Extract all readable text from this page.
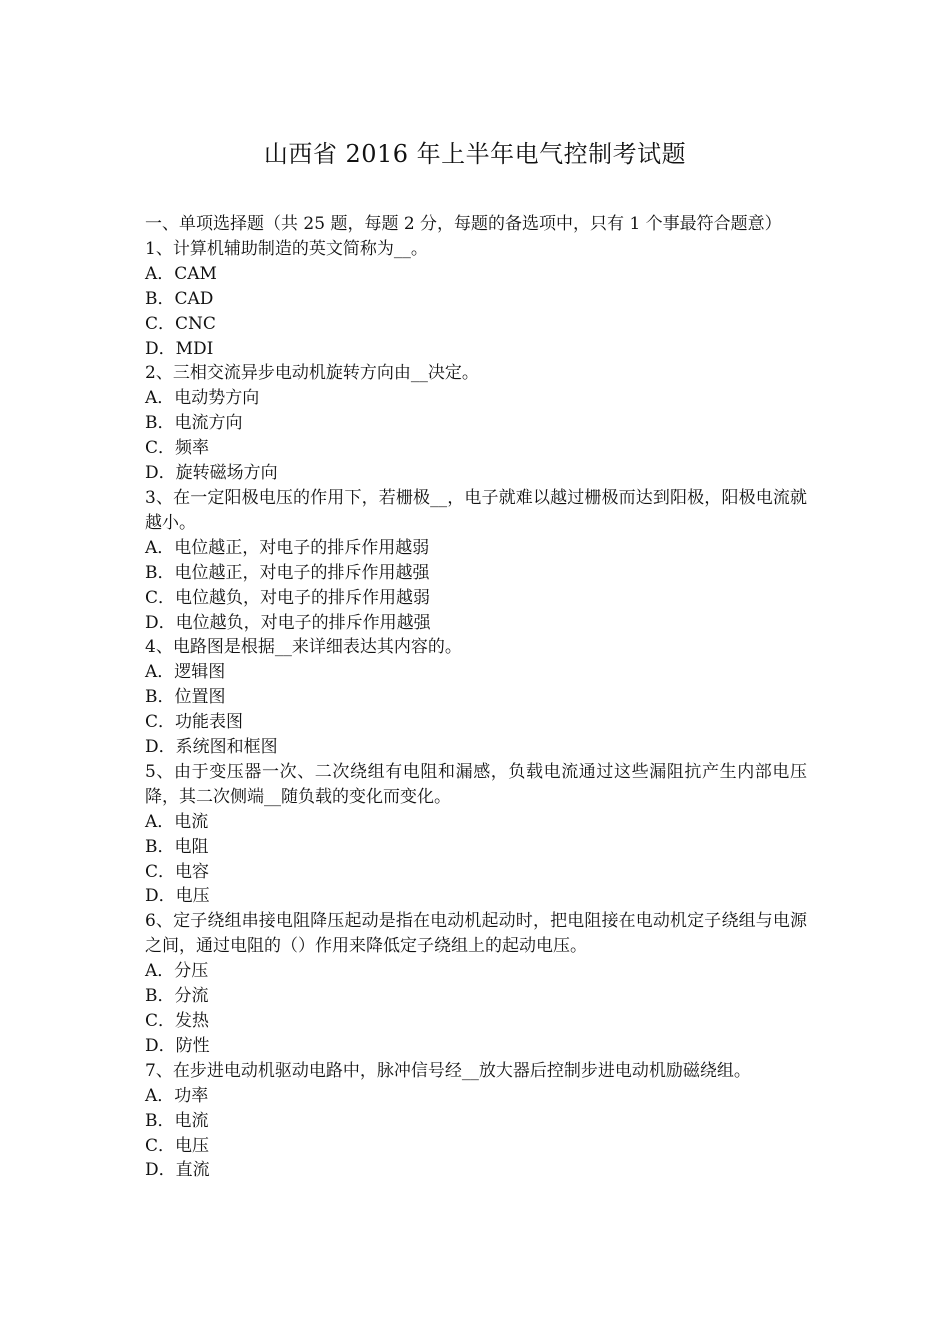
山西省 2016 年上半年电气控制考试题
一、单项选择题（共 25 题，每题 2 分，每题的备选项中，只有 1 个事最符合题意）
1、计算机辅助制造的英文简称为__。
A．CAM
B．CAD
C．CNC
D．MDI
2、三相交流异步电动机旋转方向由__决定。
A．电动势方向
B．电流方向
C．频率
D．旋转磁场方向
3、在一定阳极电压的作用下，若栅极__，电子就难以越过栅极而达到阳极，阳极电流就越小。
A．电位越正，对电子的排斥作用越弱
B．电位越正，对电子的排斥作用越强
C．电位越负，对电子的排斥作用越弱
D．电位越负，对电子的排斥作用越强
4、电路图是根据__来详细表达其内容的。
A．逻辑图
B．位置图
C．功能表图
D．系统图和框图
5、由于变压器一次、二次绕组有电阻和漏感，负载电流通过这些漏阻抗产生内部电压降，其二次侧端__随负载的变化而变化。
A．电流
B．电阻
C．电容
D．电压
6、定子绕组串接电阻降压起动是指在电动机起动时，把电阻接在电动机定子绕组与电源之间，通过电阻的（）作用来降低定子绕组上的起动电压。
A．分压
B．分流
C．发热
D．防性
7、在步进电动机驱动电路中，脉冲信号经__放大器后控制步进电动机励磁绕组。
A．功率
B．电流
C．电压
D．直流
